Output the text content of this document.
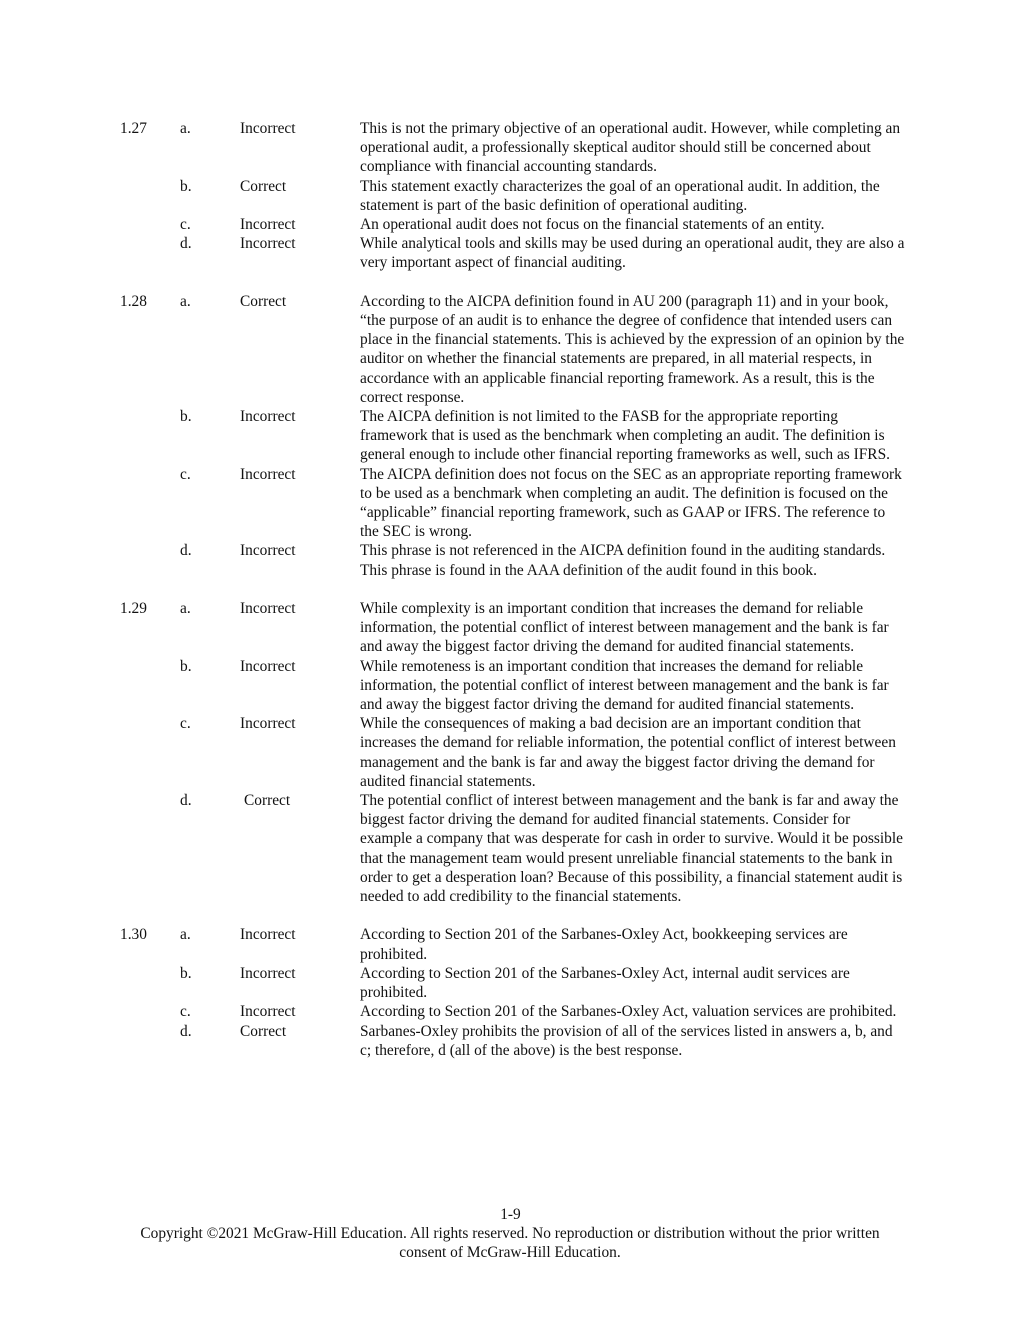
1.27	a.	Incorrect	This is not the primary objective of an operational audit. However, while completing an operational audit, a professionally skeptical auditor should still be concerned about compliance with financial accounting standards.
b.	Correct	This statement exactly characterizes the goal of an operational audit. In addition, the statement is part of the basic definition of operational auditing.
c.	Incorrect	An operational audit does not focus on the financial statements of an entity.
d.	Incorrect	While analytical tools and skills may be used during an operational audit, they are also a very important aspect of financial auditing.
1.28	a.	Correct	According to the AICPA definition found in AU 200 (paragraph 11) and in your book, “the purpose of an audit is to enhance the degree of confidence that intended users can place in the financial statements. This is achieved by the expression of an opinion by the auditor on whether the financial statements are prepared, in all material respects, in accordance with an applicable financial reporting framework. As a result, this is the correct response.
b.	Incorrect	The AICPA definition is not limited to the FASB for the appropriate reporting framework that is used as the benchmark when completing an audit. The definition is general enough to include other financial reporting frameworks as well, such as IFRS.
c.	Incorrect	The AICPA definition does not focus on the SEC as an appropriate reporting framework to be used as a benchmark when completing an audit. The definition is focused on the “applicable” financial reporting framework, such as GAAP or IFRS. The reference to the SEC is wrong.
d.	Incorrect	This phrase is not referenced in the AICPA definition found in the auditing standards. This phrase is found in the AAA definition of the audit found in this book.
1.29	a.	Incorrect	While complexity is an important condition that increases the demand for reliable information, the potential conflict of interest between management and the bank is far and away the biggest factor driving the demand for audited financial statements.
b.	Incorrect	While remoteness is an important condition that increases the demand for reliable information, the potential conflict of interest between management and the bank is far and away the biggest factor driving the demand for audited financial statements.
c.	Incorrect	While the consequences of making a bad decision are an important condition that increases the demand for reliable information, the potential conflict of interest between management and the bank is far and away the biggest factor driving the demand for audited financial statements.
d.	Correct	The potential conflict of interest between management and the bank is far and away the biggest factor driving the demand for audited financial statements. Consider for example a company that was desperate for cash in order to survive. Would it be possible that the management team would present unreliable financial statements to the bank in order to get a desperation loan? Because of this possibility, a financial statement audit is needed to add credibility to the financial statements.
1.30	a.	Incorrect	According to Section 201 of the Sarbanes-Oxley Act, bookkeeping services are prohibited.
b.	Incorrect	According to Section 201 of the Sarbanes-Oxley Act, internal audit services are prohibited.
c.	Incorrect	According to Section 201 of the Sarbanes-Oxley Act, valuation services are prohibited.
d.	Correct	Sarbanes-Oxley prohibits the provision of all of the services listed in answers a, b, and c; therefore, d (all of the above) is the best response.
1-9
Copyright ©2021 McGraw-Hill Education. All rights reserved. No reproduction or distribution without the prior written consent of McGraw-Hill Education.
